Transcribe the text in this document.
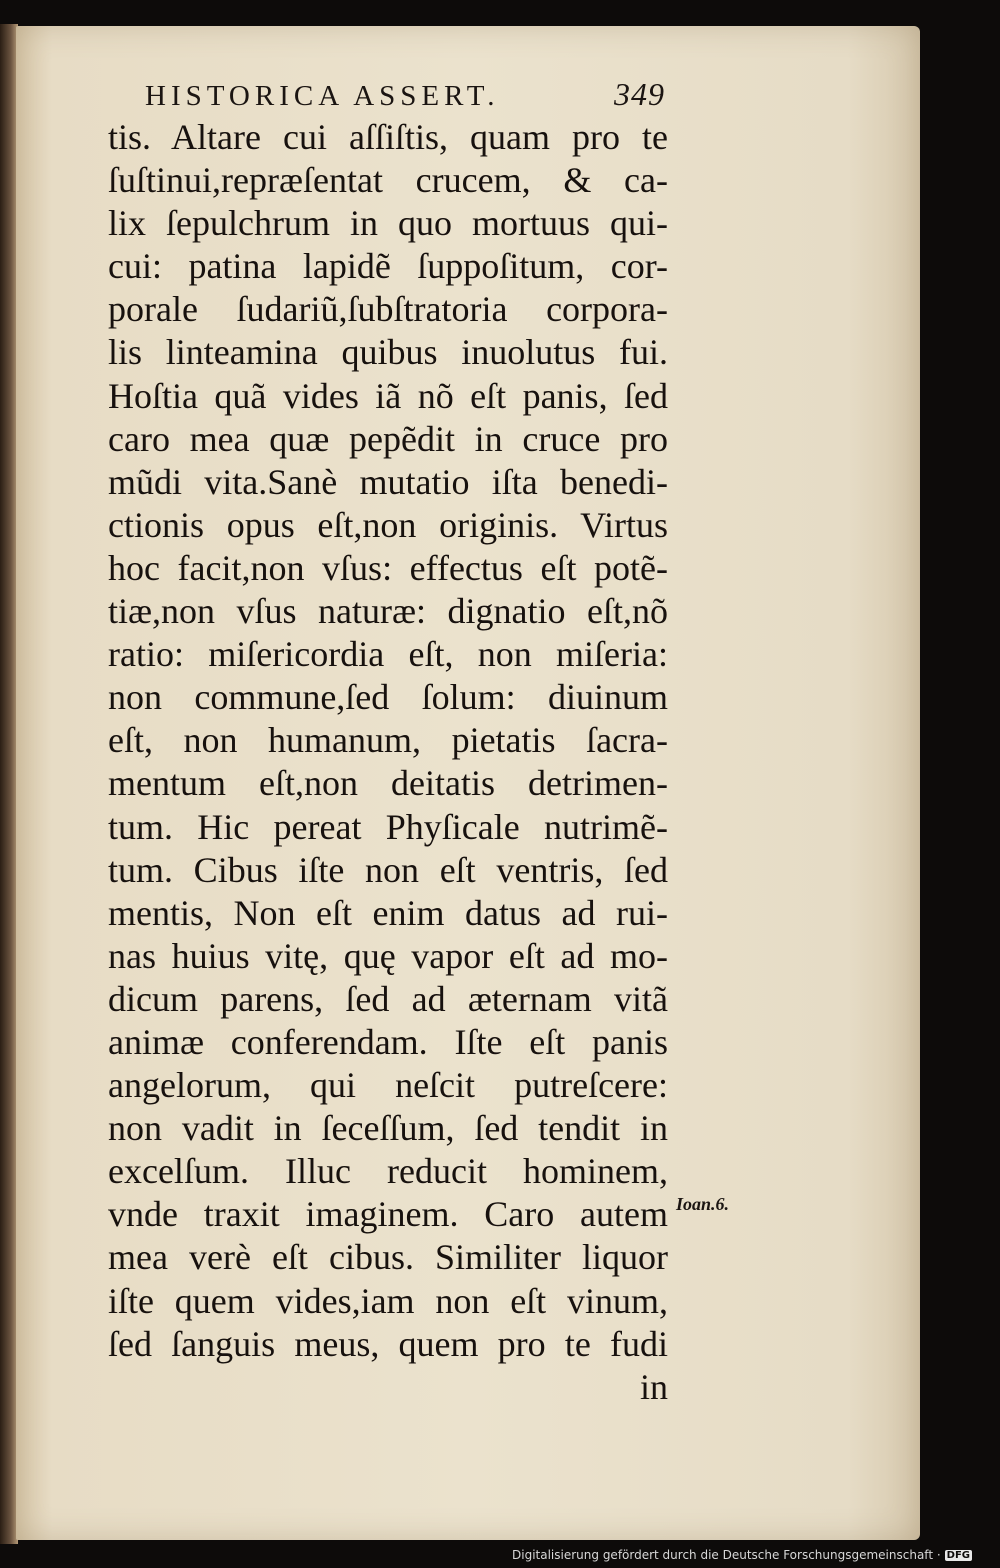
HISTORICA ASSERT.	349
tis. Altare cui aſſiſtis, quam pro te
ſuſtinui,repræſentat crucem, & ca-
lix ſepulchrum in quo mortuus qui-
cui: patina lapidẽ ſuppoſitum, cor-
porale ſudariũ,ſubſtratoria corpora-
lis linteamina quibus inuolutus fui.
Hoſtia quã vides iã nõ eſt panis, ſed
caro mea quæ pepẽdit in cruce pro
mũdi vita.Sanè mutatio iſta benedi-
ctionis opus eſt,non originis. Virtus
hoc facit,non vſus: effectus eſt potẽ-
tiæ,non vſus naturæ: dignatio eſt,nõ
ratio: miſericordia eſt, non miſeria:
non commune,ſed ſolum: diuinum
eſt, non humanum, pietatis ſacra-
mentum eſt,non deitatis detrimen-
tum. Hic pereat Phyſicale nutrimẽ-
tum. Cibus iſte non eſt ventris, ſed
mentis, Non eſt enim datus ad rui-
nas huius vitę, quę vapor eſt ad mo-
dicum parens, ſed ad æternam vitã
animæ conferendam. Iſte eſt panis
angelorum, qui neſcit putreſcere:
non vadit in ſeceſſum, ſed tendit in
excelſum. Illuc reducit hominem,
vnde traxit imaginem. Caro autem
mea verè eſt cibus. Similiter liquor
iſte quem vides,iam non eſt vinum,
ſed ſanguis meus, quem pro te fudi
in
Ioan.6.
Digitalisierung gefördert durch die Deutsche Forschungsgemeinschaft · DFG
